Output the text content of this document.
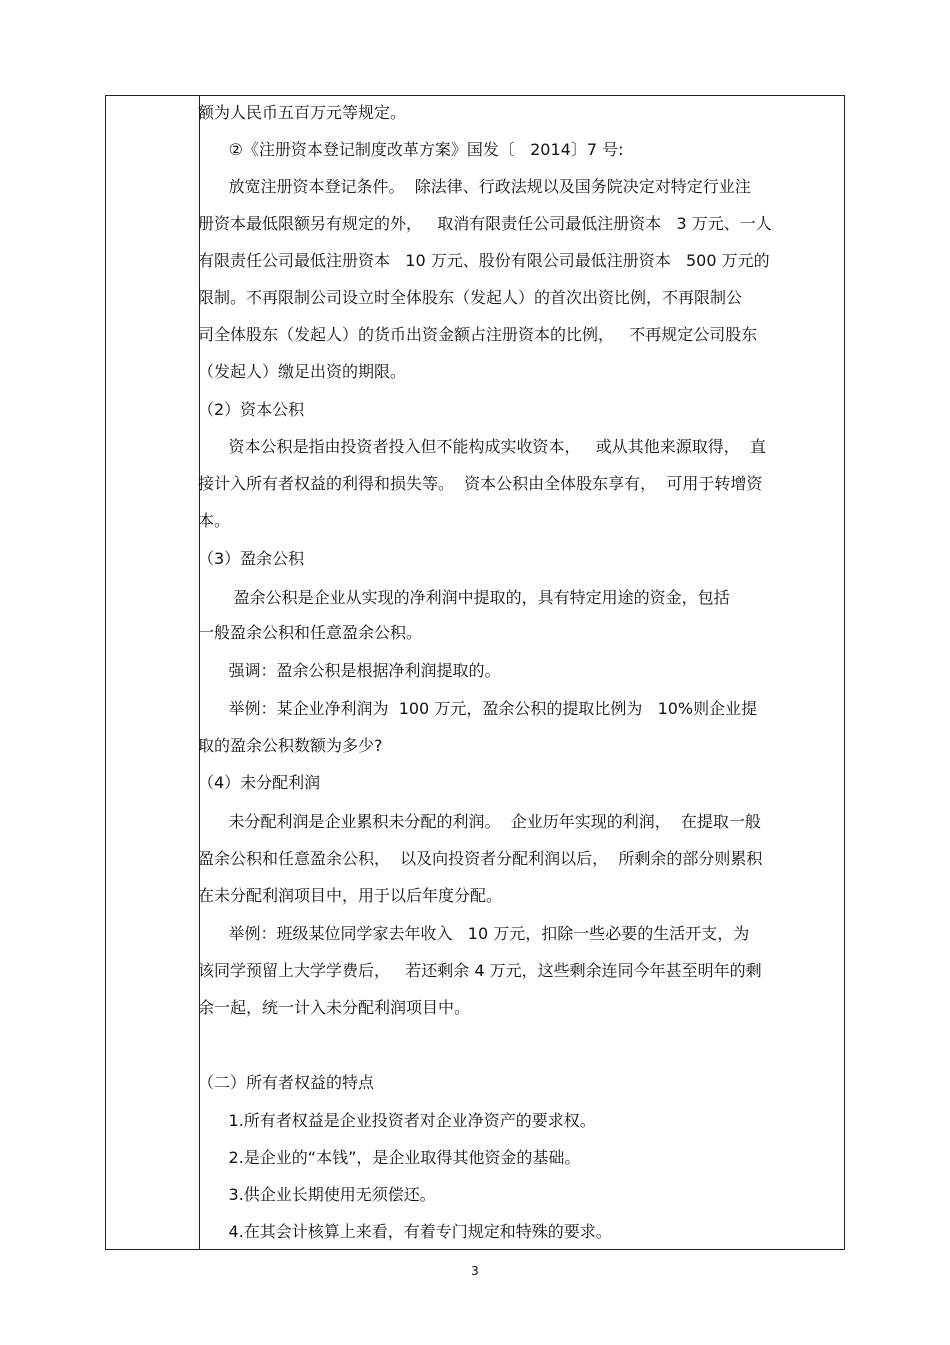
额为人民币五百万元等规定。

②《注册资本登记制度改革方案》国发〔   2014〕7 号:

放宽注册资本登记条件。  除法律、行政法规以及国务院决定对特定行业注

册资本最低限额另有规定的外，   取消有限责任公司最低注册资本   3 万元、一人

有限责任公司最低注册资本   10 万元、股份有限公司最低注册资本   500 万元的

限制。不再限制公司设立时全体股东（发起人）的首次出资比例，不再限制公

司全体股东（发起人）的货币出资金额占注册资本的比例，   不再规定公司股东

（发起人）缴足出资的期限。

（2）资本公积

资本公积是指由投资者投入但不能构成实收资本，   或从其他来源取得，  直

接计入所有者权益的利得和损失等。  资本公积由全体股东享有，  可用于转增资

本。

（3）盈余公积

盈余公积是企业从实现的净利润中提取的，具有特定用途的资金，包括

一般盈余公积和任意盈余公积。

强调：盈余公积是根据净利润提取的。

举例：某企业净利润为  100 万元，盈余公积的提取比例为   10%则企业提

取的盈余公积数额为多少?

（4）未分配利润

未分配利润是企业累积未分配的利润。  企业历年实现的利润，  在提取一般

盈余公积和任意盈余公积，  以及向投资者分配利润以后，  所剩余的部分则累积

在未分配利润项目中，用于以后年度分配。

举例：班级某位同学家去年收入   10 万元，扣除一些必要的生活开支，为

该同学预留上大学学费后，   若还剩余 4 万元，这些剩余连同今年甚至明年的剩

余一起，统一计入未分配利润项目中。

（二）所有者权益的特点

1.所有者权益是企业投资者对企业净资产的要求权。

2.是企业的“本钱”，是企业取得其他资金的基础。

3.供企业长期使用无须偿还。

4.在其会计核算上来看，有着专门规定和特殊的要求。

3
